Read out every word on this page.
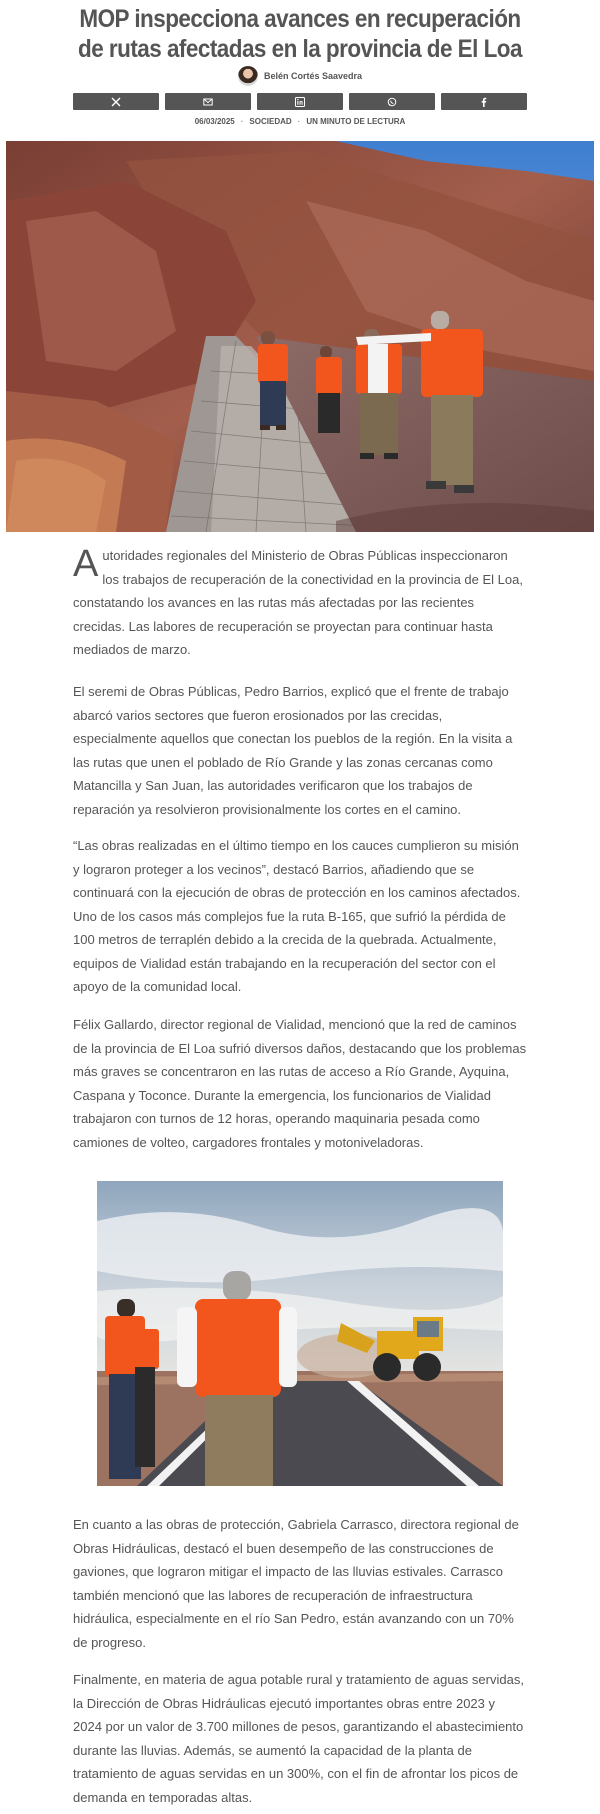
MOP inspecciona avances en recuperación de rutas afectadas en la provincia de El Loa
Belén Cortés Saavedra
06/03/2025 · SOCIEDAD · UN MINUTO DE LECTURA

Autoridades regionales del Ministerio de Obras Públicas inspeccionaron los trabajos de recuperación de la conectividad en la provincia de El Loa, constatando los avances en las rutas más afectadas por las recientes crecidas. Las labores de recuperación se proyectan para continuar hasta mediados de marzo.

El seremi de Obras Públicas, Pedro Barrios, explicó que el frente de trabajo abarcó varios sectores que fueron erosionados por las crecidas, especialmente aquellos que conectan los pueblos de la región. En la visita a las rutas que unen el poblado de Río Grande y las zonas cercanas como Matancilla y San Juan, las autoridades verificaron que los trabajos de reparación ya resolvieron provisionalmente los cortes en el camino.

“Las obras realizadas en el último tiempo en los cauces cumplieron su misión y lograron proteger a los vecinos”, destacó Barrios, añadiendo que se continuará con la ejecución de obras de protección en los caminos afectados. Uno de los casos más complejos fue la ruta B-165, que sufrió la pérdida de 100 metros de terraplén debido a la crecida de la quebrada. Actualmente, equipos de Vialidad están trabajando en la recuperación del sector con el apoyo de la comunidad local.

Félix Gallardo, director regional de Vialidad, mencionó que la red de caminos de la provincia de El Loa sufrió diversos daños, destacando que los problemas más graves se concentraron en las rutas de acceso a Río Grande, Ayquina, Caspana y Toconce. Durante la emergencia, los funcionarios de Vialidad trabajaron con turnos de 12 horas, operando maquinaria pesada como camiones de volteo, cargadores frontales y motoniveladoras.

En cuanto a las obras de protección, Gabriela Carrasco, directora regional de Obras Hidráulicas, destacó el buen desempeño de las construcciones de gaviones, que lograron mitigar el impacto de las lluvias estivales. Carrasco también mencionó que las labores de recuperación de infraestructura hidráulica, especialmente en el río San Pedro, están avanzando con un 70% de progreso.

Finalmente, en materia de agua potable rural y tratamiento de aguas servidas, la Dirección de Obras Hidráulicas ejecutó importantes obras entre 2023 y 2024 por un valor de 3.700 millones de pesos, garantizando el abastecimiento durante las lluvias. Además, se aumentó la capacidad de la planta de tratamiento de aguas servidas en un 300%, con el fin de afrontar los picos de demanda en temporadas altas.
